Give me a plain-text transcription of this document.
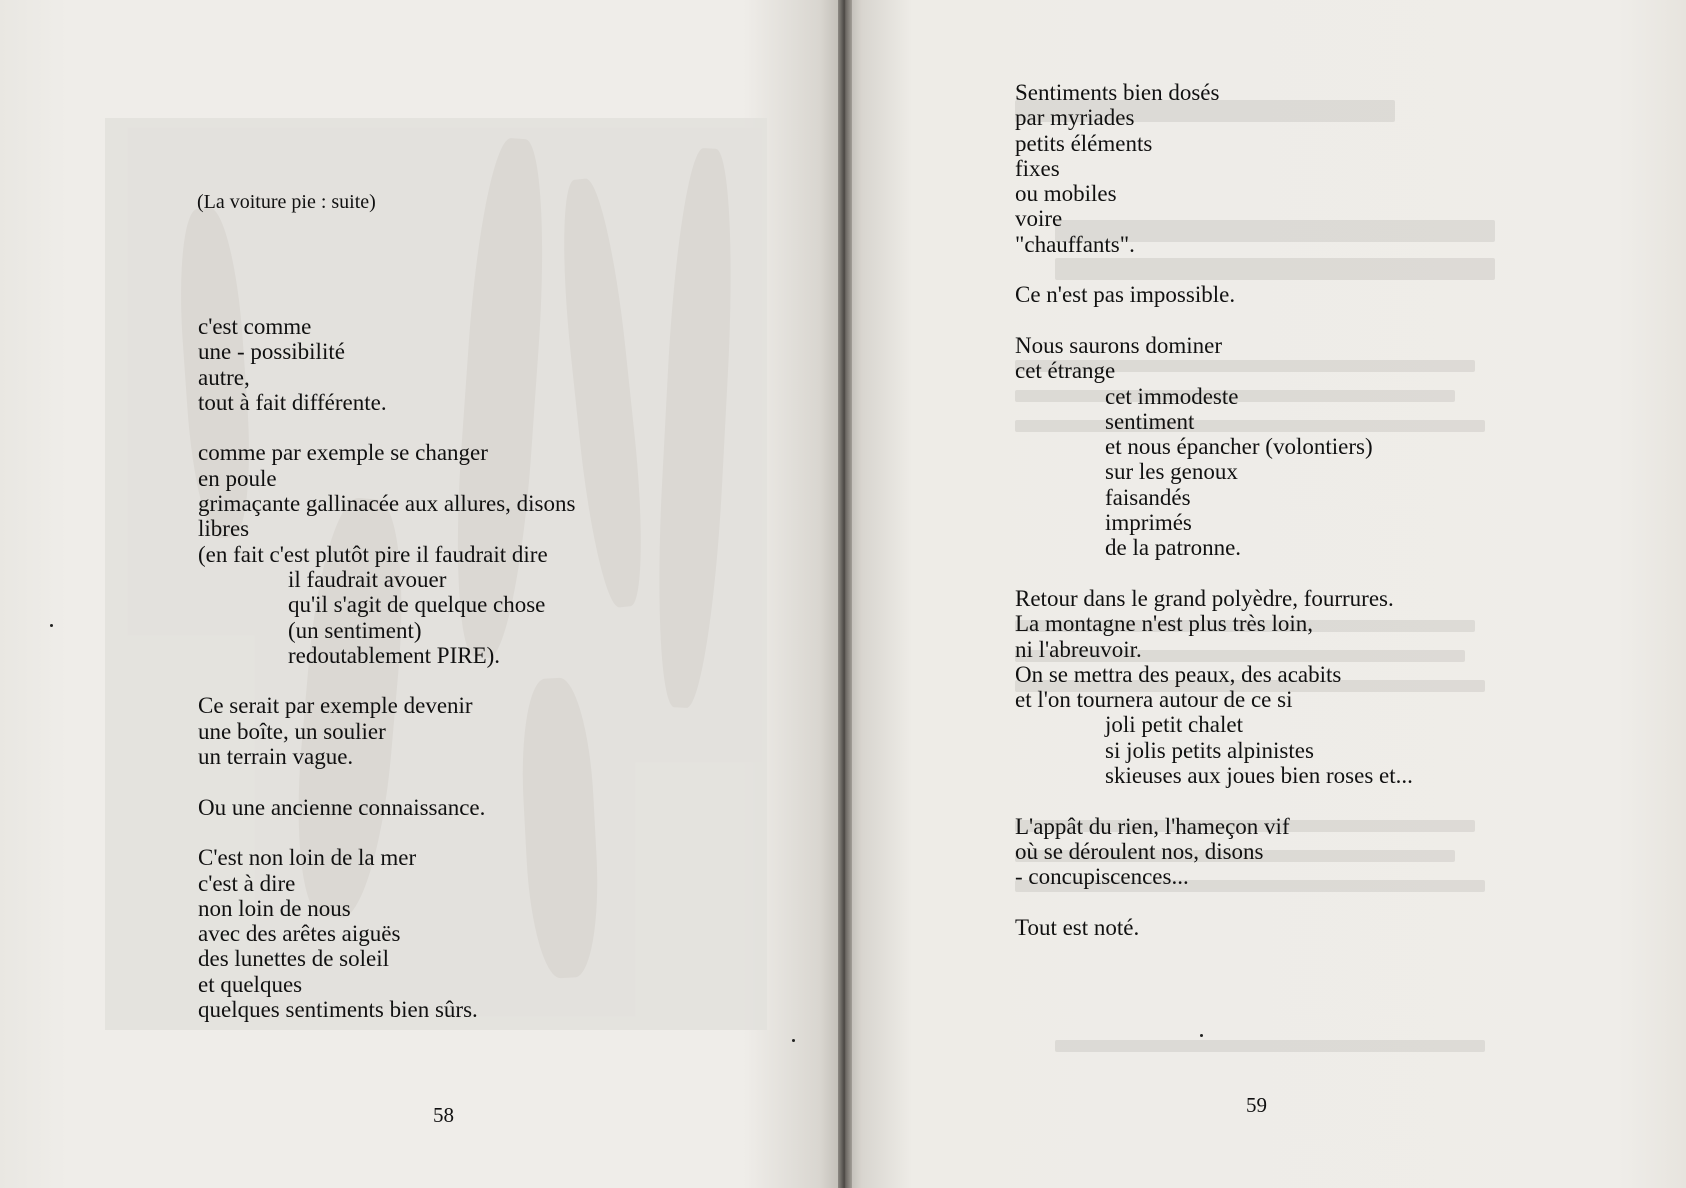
(La voiture pie : suite)
c'est comme
une - possibilité
autre,
tout à fait différente.
comme par exemple se changer
en poule
grimaçante gallinacée aux allures, disons
libres
(en fait c'est plutôt pire il faudrait dire
il faudrait avouer
qu'il s'agit de quelque chose
(un sentiment)
redoutablement PIRE).
Ce serait par exemple devenir
une boîte, un soulier
un terrain vague.
Ou une ancienne connaissance.
C'est non loin de la mer
c'est à dire
non loin de nous
avec des arêtes aiguës
des lunettes de soleil
et quelques
quelques sentiments bien sûrs.
58
Sentiments bien dosés
par myriades
petits éléments
fixes
ou mobiles
voire
"chauffants".
Ce n'est pas impossible.
Nous saurons dominer
cet étrange
cet immodeste
sentiment
et nous épancher (volontiers)
sur les genoux
faisandés
imprimés
de la patronne.
Retour dans le grand polyèdre, fourrures.
La montagne n'est plus très loin,
ni l'abreuvoir.
On se mettra des peaux, des acabits
et l'on tournera autour de ce si
joli petit chalet
si jolis petits alpinistes
skieuses aux joues bien roses et...
L'appât du rien, l'hameçon vif
où se déroulent nos, disons
- concupiscences...
Tout est noté.
59
